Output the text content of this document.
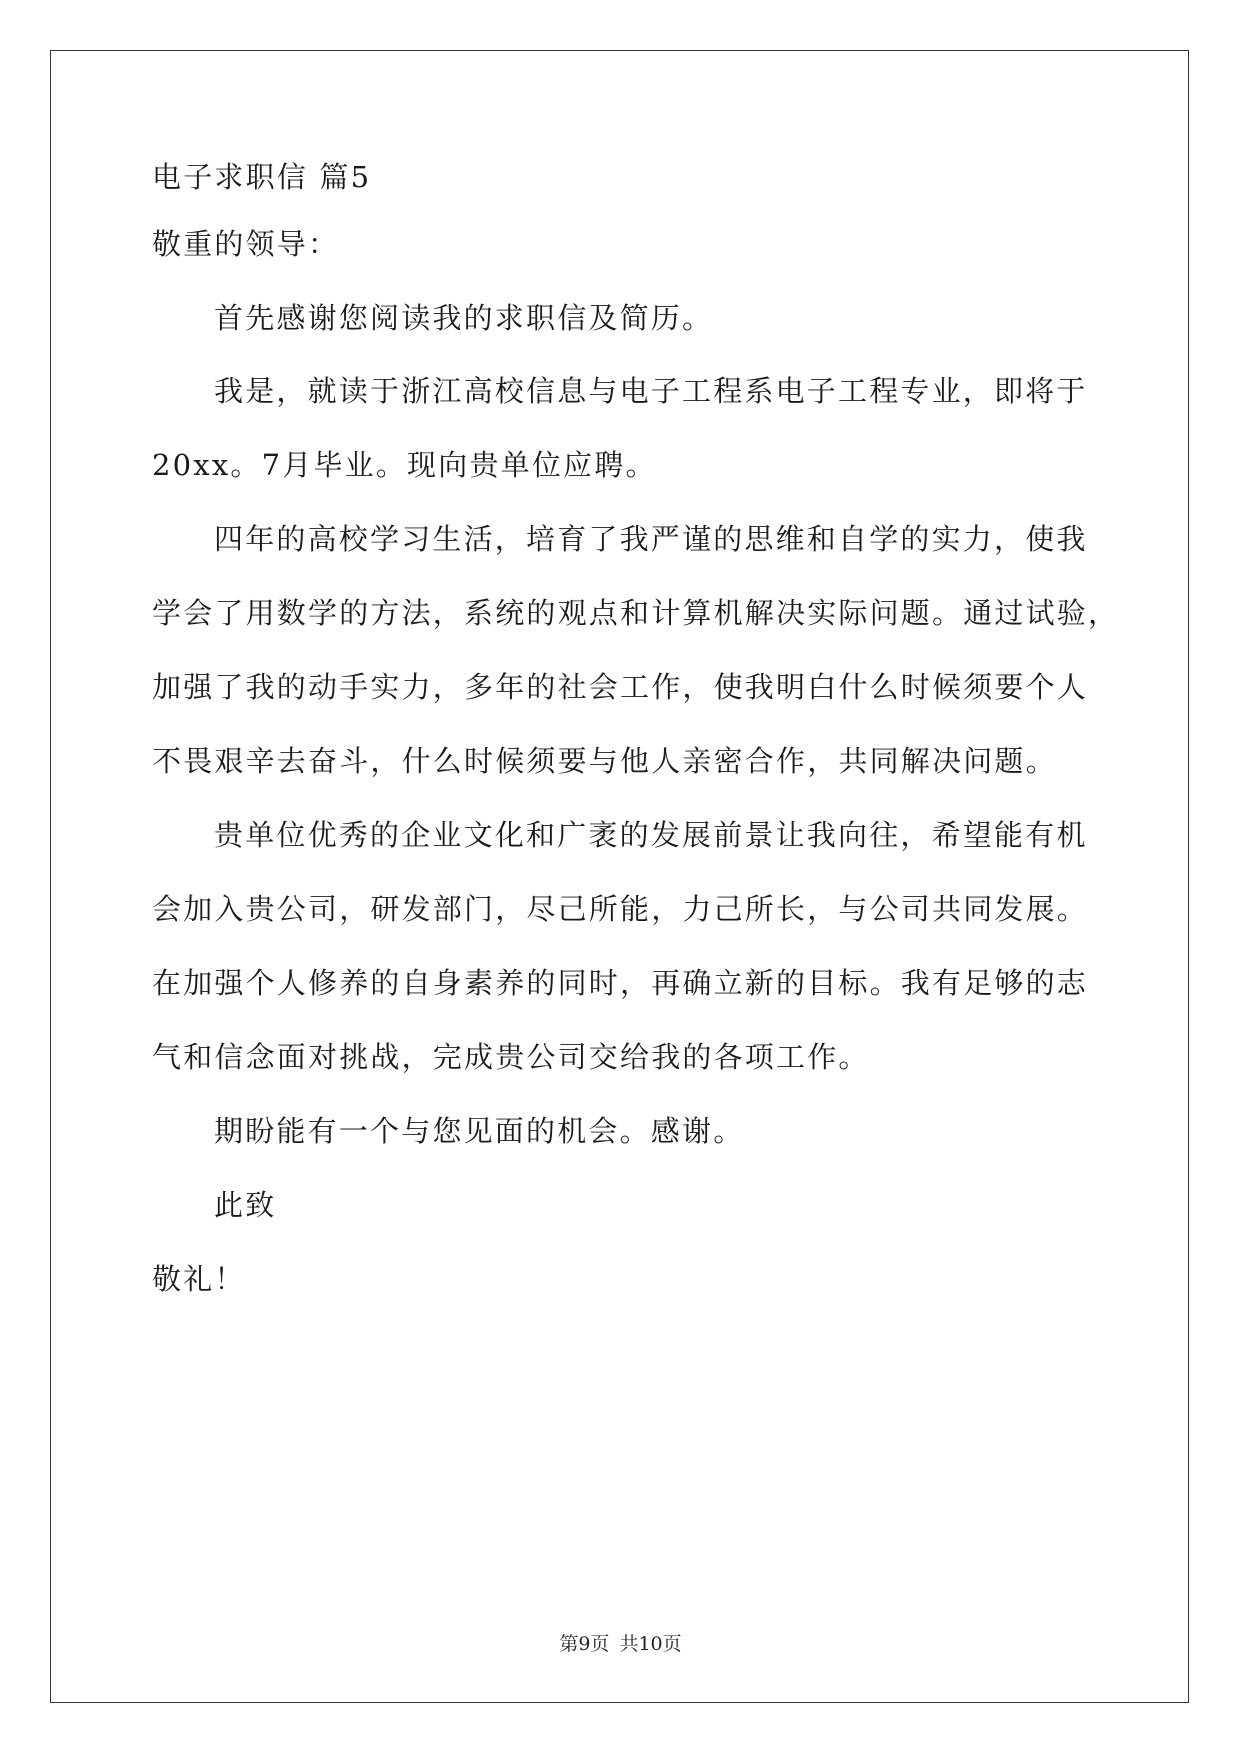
电子求职信 篇5
敬重的领导：
首先感谢您阅读我的求职信及简历。
我是，就读于浙江高校信息与电子工程系电子工程专业，即将于
20xx。7月毕业。现向贵单位应聘。
四年的高校学习生活，培育了我严谨的思维和自学的实力，使我
学会了用数学的方法，系统的观点和计算机解决实际问题。通过试验，
加强了我的动手实力，多年的社会工作，使我明白什么时候须要个人
不畏艰辛去奋斗，什么时候须要与他人亲密合作，共同解决问题。
贵单位优秀的企业文化和广袤的发展前景让我向往，希望能有机
会加入贵公司，研发部门，尽己所能，力己所长，与公司共同发展。
在加强个人修养的自身素养的同时，再确立新的目标。我有足够的志
气和信念面对挑战，完成贵公司交给我的各项工作。
期盼能有一个与您见面的机会。感谢。
此致
敬礼！
第9页 共10页
